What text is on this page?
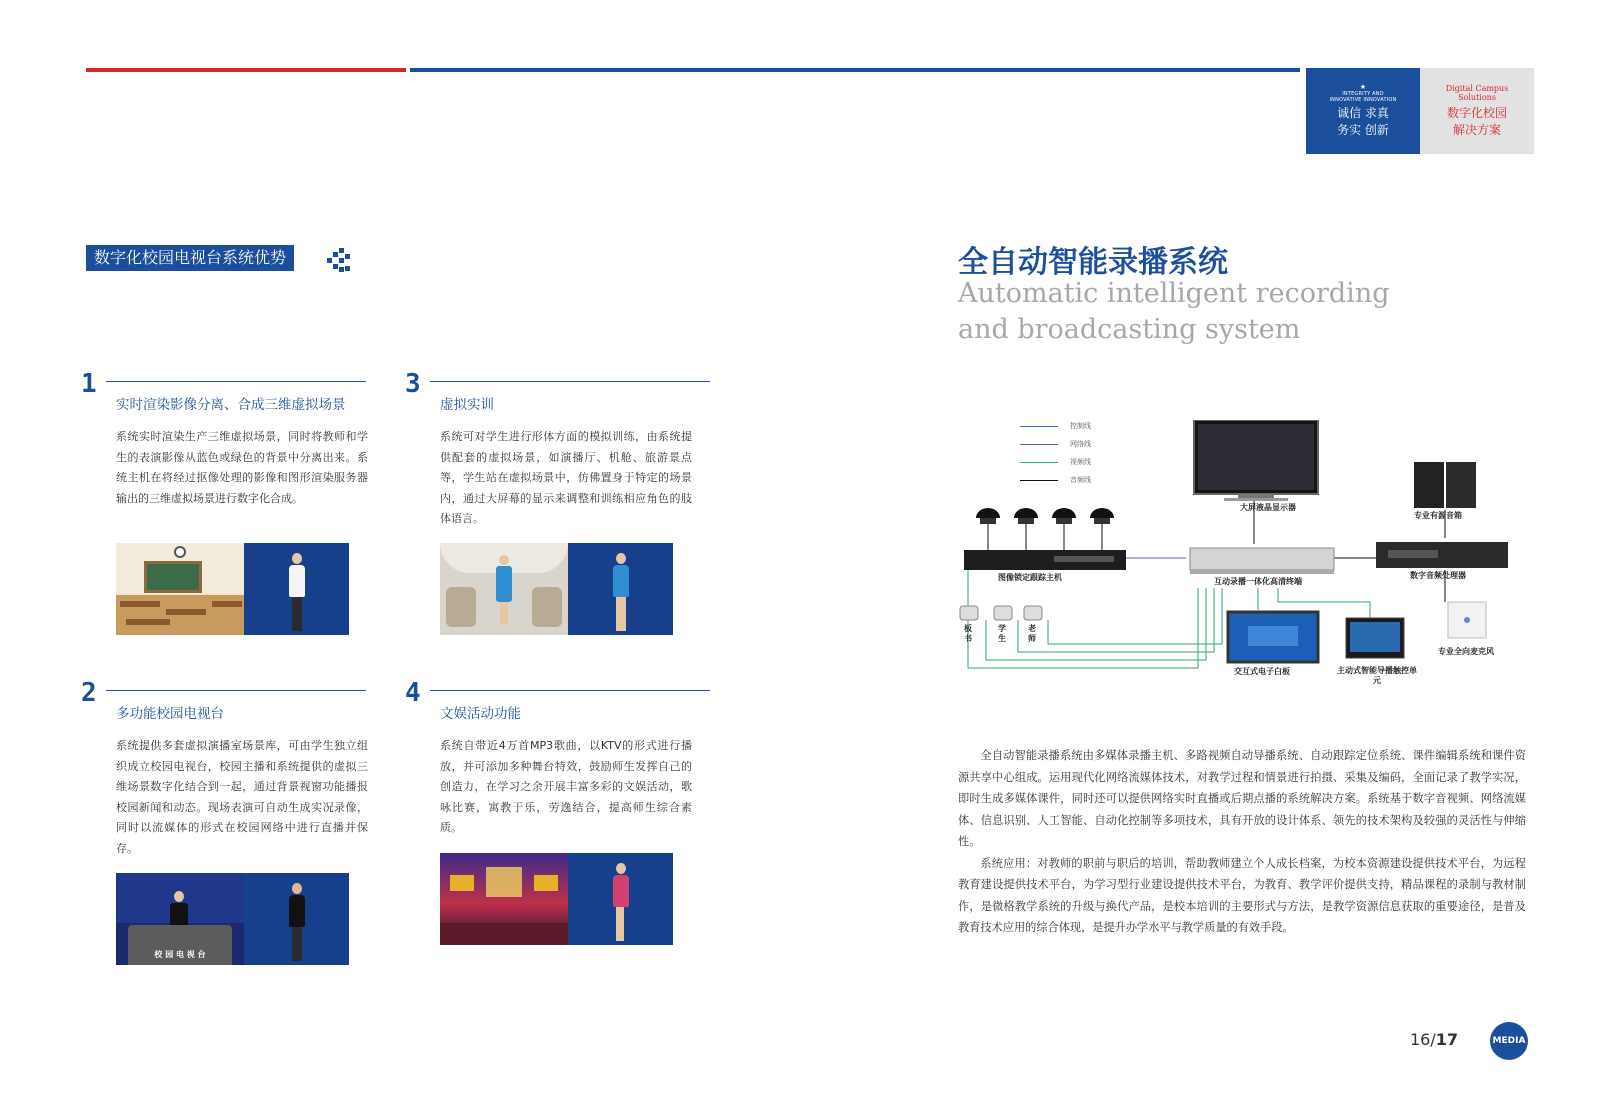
★
INTEGRITY AND
INNOVATIVE INNOVATION
诚信 求真
务实 创新
Digital Campus Solutions
数字化校园
解决方案
数字化校园电视台系统优势
1
实时渲染影像分离、合成三维虚拟场景
系统实时渲染生产三维虚拟场景，同时将教师和学生的表演影像从蓝色或绿色的背景中分离出来。系统主机在将经过抠像处理的影像和图形渲染服务器输出的三维虚拟场景进行数字化合成。
3
虚拟实训
系统可对学生进行形体方面的模拟训练，由系统提供配套的虚拟场景，如演播厅、机舱、旅游景点等，学生站在虚拟场景中，仿佛置身于特定的场景内，通过大屏幕的显示来调整和训练相应角色的肢体语言。
2
多功能校园电视台
系统提供多套虚拟演播室场景库，可由学生独立组织成立校园电视台，校园主播和系统提供的虚拟三维场景数字化结合到一起，通过背景视窗功能播报校园新闻和动态。现场表演可自动生成实况录像，同时以流媒体的形式在校园网络中进行直播并保存。
校 园 电 视 台
4
文娱活动功能
系统自带近4万首MP3歌曲，以KTV的形式进行播放，并可添加多种舞台特效，鼓励师生发挥自己的创造力，在学习之余开展丰富多彩的文娱活动，歌咏比赛，寓教于乐，劳逸结合，提高师生综合素质。
全自动智能录播系统
Automatic intelligent recording
and broadcasting system
控制线
网络线
视频线
音频线
大屏液晶显示器
专业有源音箱
图像锁定跟踪主机	互动录播一体化高清终端
数字音频处理器
板书
学生
老师
交互式电子白板	主动式智能导播触控单元
专业全向麦克风

全自动智能录播系统由多媒体录播主机、多路视频自动导播系统、自动跟踪定位系统、课件编辑系统和课件资源共享中心组成。运用现代化网络流媒体技术，对教学过程和情景进行拍摄、采集及编码，全面记录了教学实况，即时生成多媒体课件，同时还可以提供网络实时直播或后期点播的系统解决方案。系统基于数字音视频、网络流媒体、信息识别、人工智能、自动化控制等多项技术，具有开放的设计体系、领先的技术架构及较强的灵活性与伸缩性。

系统应用：对教师的职前与职后的培训，帮助教师建立个人成长档案，为校本资源建设提供技术平台，为远程教育建设提供技术平台，为学习型行业建设提供技术平台，为教育、教学评价提供支持，精品课程的录制与教材制作，是微格教学系统的升级与换代产品，是校本培训的主要形式与方法，是教学资源信息获取的重要途径，是普及教育技术应用的综合体现，是提升办学水平与教学质量的有效手段。

16/17	MEDIA
